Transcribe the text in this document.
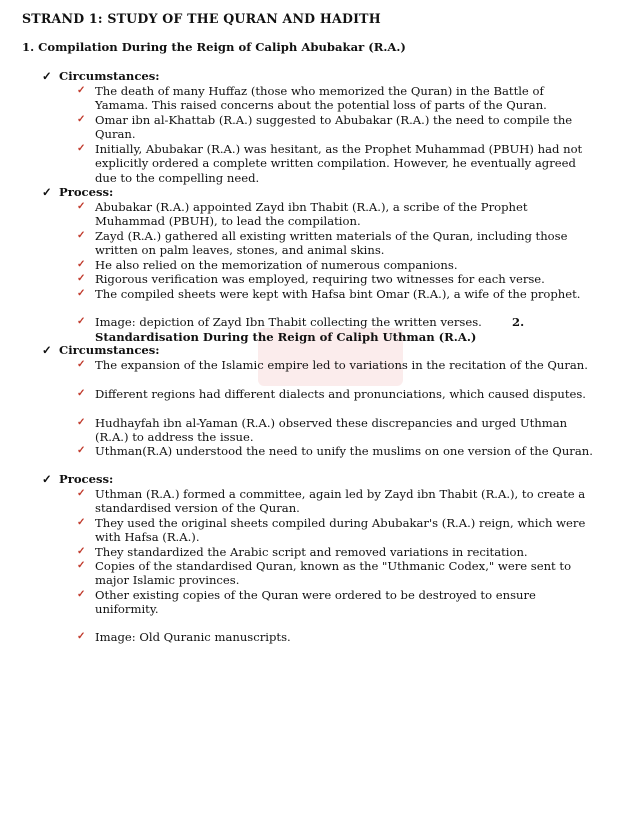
STRAND 1: STUDY OF THE QURAN AND HADITH
1. Compilation During the Reign of Caliph Abubakar (R.A.)
✓ Circumstances:
✓ The death of many Huffaz (those who memorized the Quran) in the Battle of Yamama. This raised concerns about the potential loss of parts of the Quran.
✓ Omar ibn al-Khattab (R.A.) suggested to Abubakar (R.A.) the need to compile the Quran.
✓ Initially, Abubakar (R.A.) was hesitant, as the Prophet Muhammad (PBUH) had not explicitly ordered a complete written compilation. However, he eventually agreed due to the compelling need.
✓ Process:
✓ Abubakar (R.A.) appointed Zayd ibn Thabit (R.A.), a scribe of the Prophet Muhammad (PBUH), to lead the compilation.
✓ Zayd (R.A.) gathered all existing written materials of the Quran, including those written on palm leaves, stones, and animal skins.
✓ He also relied on the memorization of numerous companions.
✓ Rigorous verification was employed, requiring two witnesses for each verse.
✓ The compiled sheets were kept with Hafsa bint Omar (R.A.), a wife of the prophet.
✓ Image: depiction of Zayd Ibn Thabit collecting the written verses.	2.
Standardisation During the Reign of Caliph Uthman (R.A.)
✓ Circumstances:
✓ The expansion of the Islamic empire led to variations in the recitation of the Quran.
✓ Different regions had different dialects and pronunciations, which caused disputes.
✓ Hudhayfah ibn al-Yaman (R.A.) observed these discrepancies and urged Uthman (R.A.) to address the issue.
✓ Uthman(R.A) understood the need to unify the muslims on one version of the Quran.
✓ Process:
✓ Uthman (R.A.) formed a committee, again led by Zayd ibn Thabit (R.A.), to create a standardised version of the Quran.
✓ They used the original sheets compiled during Abubakar's (R.A.) reign, which were with Hafsa (R.A.).
✓ They standardized the Arabic script and removed variations in recitation.
✓ Copies of the standardised Quran, known as the "Uthmanic Codex," were sent to major Islamic provinces.
✓ Other existing copies of the Quran were ordered to be destroyed to ensure uniformity.
✓ Image: Old Quranic manuscripts.
